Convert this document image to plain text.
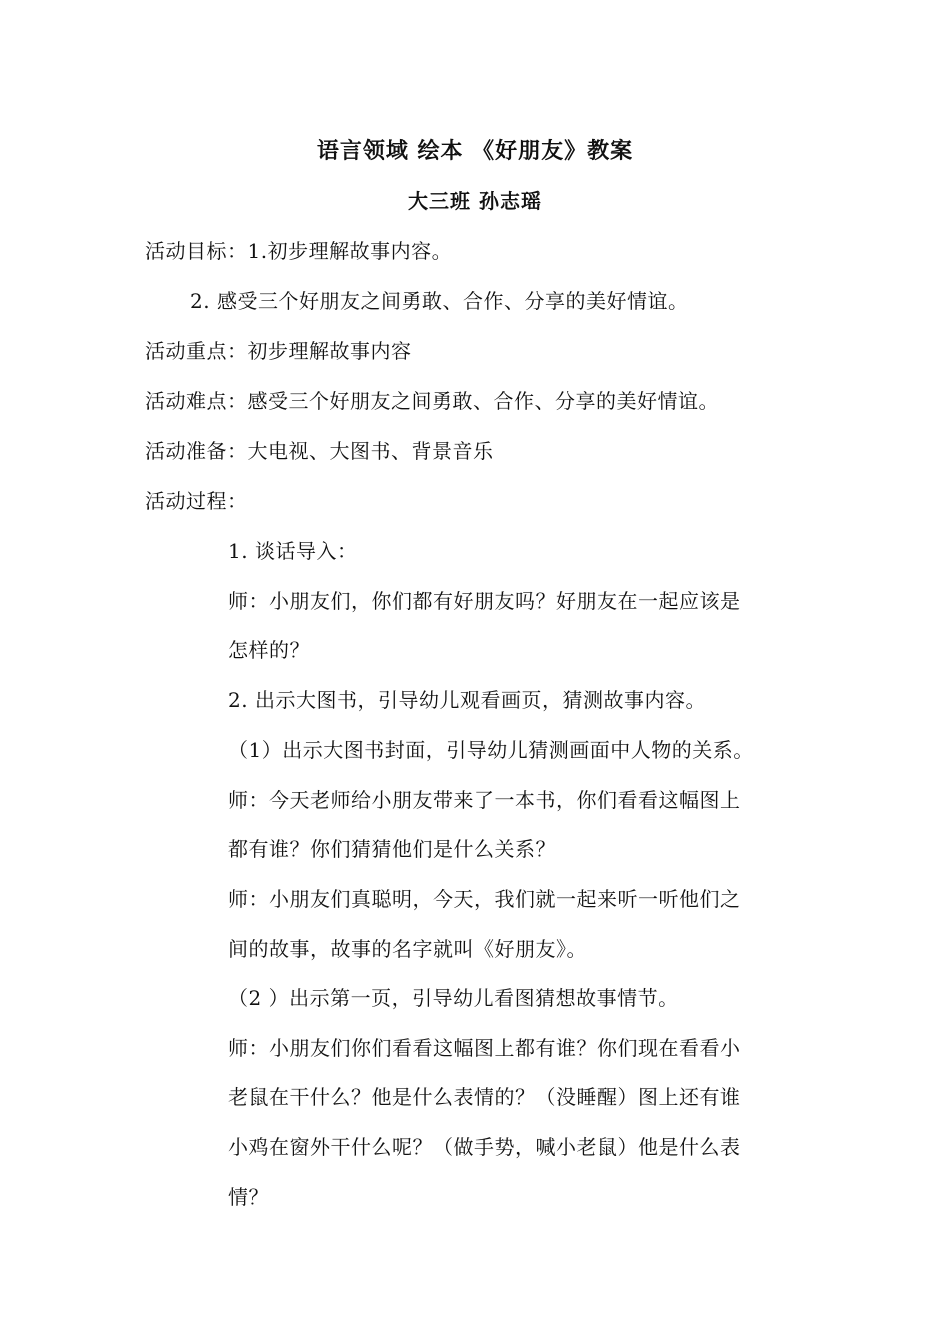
语言领域 绘本 《好朋友》教案
大三班 孙志瑶
活动目标：1.初步理解故事内容。
2. 感受三个好朋友之间勇敢、合作、分享的美好情谊。
活动重点：初步理解故事内容
活动难点：感受三个好朋友之间勇敢、合作、分享的美好情谊。
活动准备：大电视、大图书、背景音乐
活动过程：
1. 谈话导入：
师：小朋友们，你们都有好朋友吗？好朋友在一起应该是
怎样的？
2. 出示大图书，引导幼儿观看画页，猜测故事内容。
（1）出示大图书封面，引导幼儿猜测画面中人物的关系。
师：今天老师给小朋友带来了一本书，你们看看这幅图上
都有谁？你们猜猜他们是什么关系？
师：小朋友们真聪明，今天，我们就一起来听一听他们之
间的故事，故事的名字就叫《好朋友》。
（2 ）出示第一页，引导幼儿看图猜想故事情节。
师：小朋友们你们看看这幅图上都有谁？你们现在看看小
老鼠在干什么？他是什么表情的？（没睡醒）图上还有谁
小鸡在窗外干什么呢？（做手势，喊小老鼠）他是什么表
情？
